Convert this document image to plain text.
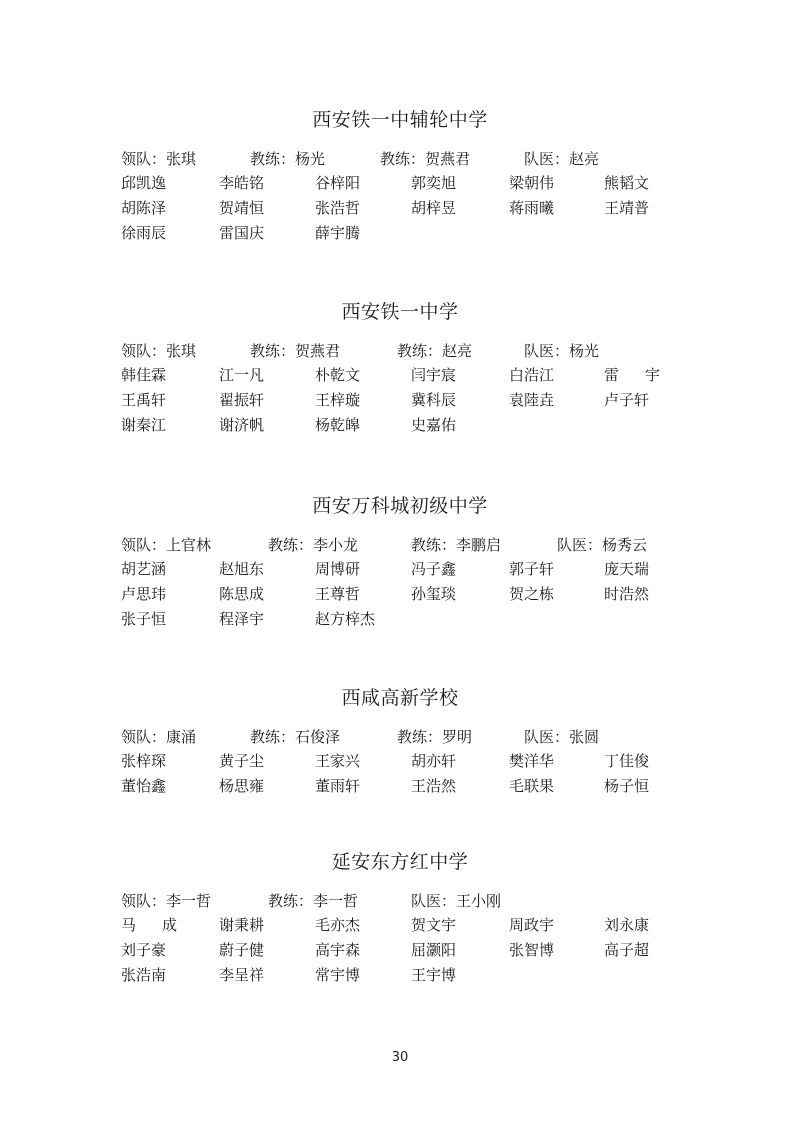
30
西安铁一中辅轮中学
领队：张琪	教练：杨光	教练：贺燕君	队医：赵亮
邱凯逸	李皓铭	谷梓阳	郭奕旭	梁朝伟	熊韬文
胡陈泽	贺靖恒	张浩哲	胡梓昱	蒋雨曦	王靖普
徐雨辰	雷国庆	薛宇腾
西安铁一中学
领队：张琪	教练：贺燕君	教练：赵亮	队医：杨光
韩佳霖	江一凡	朴乾文	闫宇宸	白浩江	雷 宇
王禹轩	翟振轩	王梓璇	冀科辰	袁陸垚	卢子轩
谢秦江	谢济帆	杨乾皞	史嘉佑
西安万科城初级中学
领队：上官林	教练：李小龙	教练：李鹏启	队医：杨秀云
胡艺涵	赵旭东	周博研	冯子鑫	郭子轩	庞天瑞
卢思玮	陈思成	王尊哲	孙玺琰	贺之栋	时浩然
张子恒	程泽宇	赵方梓杰
西咸高新学校
领队：康涌	教练：石俊泽	教练：罗明	队医：张圆
张梓琛	黄子尘	王家兴	胡亦轩	樊洋华	丁佳俊
董怡鑫	杨思雍	董雨轩	王浩然	毛联果	杨子恒
延安东方红中学
领队：李一哲	教练：李一哲	队医：王小刚
马 成	谢秉耕	毛亦杰	贺文宇	周政宇	刘永康
刘子豪	蔚子健	高宇森	屈灏阳	张智博	高子超
张浩南	李呈祥	常宇博	王宇博
